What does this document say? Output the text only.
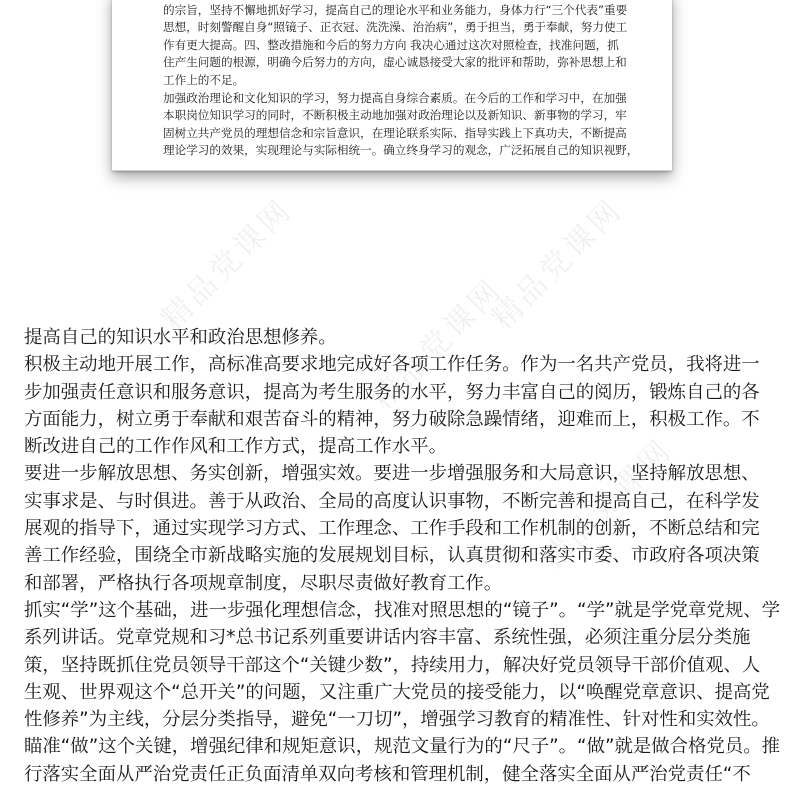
的宗旨，坚持不懈地抓好学习，提高自己的理论水平和业务能力，身体力行“三个代表”重要

思想，时刻警醒自身“照镜子、正衣冠、洗洗澡、治治病”，勇于担当，勇于奉献，努力使工

作有更大提高。四、整改措施和今后的努力方向 我决心通过这次对照检查，找准问题，抓

住产生问题的根源，明确今后努力的方向，虚心诚恳接受大家的批评和帮助，弥补思想上和

工作上的不足。

加强政治理论和文化知识的学习，努力提高自身综合素质。在今后的工作和学习中，在加强

本职岗位知识学习的同时，不断积极主动地加强对政治理论以及新知识、新事物的学习，牢

固树立共产党员的理想信念和宗旨意识，在理论联系实际、指导实践上下真功夫，不断提高

理论学习的效果，实现理论与实际相统一。确立终身学习的观念，广泛拓展自己的知识视野，

精品党课网	精品党课网
精品党课网
精品党课网

提高自己的知识水平和政治思想修养。

积极主动地开展工作，高标准高要求地完成好各项工作任务。作为一名共产党员，我将进一

步加强责任意识和服务意识，提高为考生服务的水平，努力丰富自己的阅历，锻炼自己的各

方面能力，树立勇于奉献和艰苦奋斗的精神，努力破除急躁情绪，迎难而上，积极工作。不

断改进自己的工作作风和工作方式，提高工作水平。

要进一步解放思想、务实创新，增强实效。要进一步增强服务和大局意识，坚持解放思想、

实事求是、与时俱进。善于从政治、全局的高度认识事物，不断完善和提高自己，在科学发

展观的指导下，通过实现学习方式、工作理念、工作手段和工作机制的创新，不断总结和完

善工作经验，围绕全市新战略实施的发展规划目标，认真贯彻和落实市委、市政府各项决策

和部署，严格执行各项规章制度，尽职尽责做好教育工作。

抓实“学”这个基础，进一步强化理想信念，找准对照思想的“镜子”。“学”就是学党章党规、学

系列讲话。党章党规和习*总书记系列重要讲话内容丰富、系统性强，必须注重分层分类施

策，坚持既抓住党员领导干部这个“关键少数”，持续用力，解决好党员领导干部价值观、人

生观、世界观这个“总开关”的问题，又注重广大党员的接受能力，以“唤醒党章意识、提高党

性修养”为主线，分层分类指导，避免“一刀切”，增强学习教育的精准性、针对性和实效性。

瞄准“做”这个关键，增强纪律和规矩意识，规范文量行为的“尺子”。“做”就是做合格党员。推

行落实全面从严治党责任正负面清单双向考核和管理机制，健全落实全面从严治党责任“不
